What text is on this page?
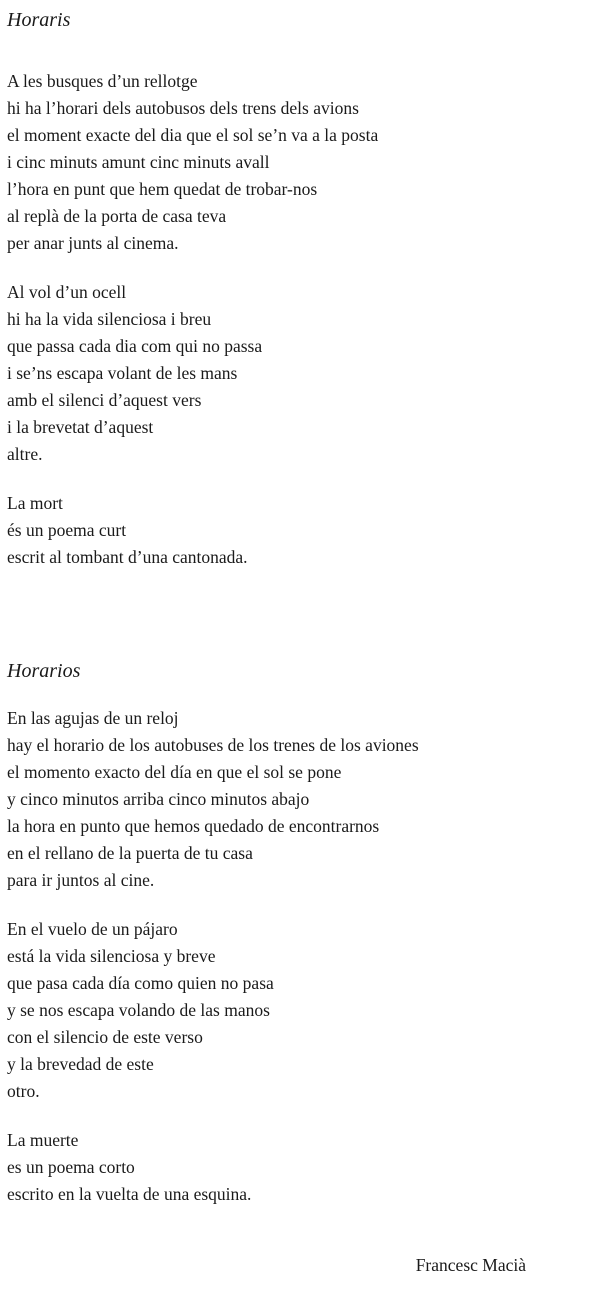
Horaris
A les busques d’un rellotge
hi ha l’horari dels autobusos dels trens dels avions
el moment exacte del dia que el sol se’n va a la posta
i cinc minuts amunt cinc minuts avall
l’hora en punt que hem quedat de trobar-nos
al replà de la porta de casa teva
per anar junts al cinema.
Al vol d’un ocell
hi ha la vida silenciosa i breu
que passa cada dia com qui no passa
i se’ns escapa volant de les mans
amb el silenci d’aquest vers
i la brevetat d’aquest
altre.
La mort
és un poema curt
escrit al tombant d’una cantonada.
Horarios
En las agujas de un reloj
hay el horario de los autobuses de los trenes de los aviones
el momento exacto del día en que el sol se pone
y cinco minutos arriba cinco minutos abajo
la hora en punto que hemos quedado de encontrarnos
en el rellano de la puerta de tu casa
para ir juntos al cine.
En el vuelo de un pájaro
está la vida silenciosa y breve
que pasa cada día como quien no pasa
y se nos escapa volando de las manos
con el silencio de este verso
y la brevedad de este
otro.
La muerte
es un poema corto
escrito en la vuelta de una esquina.
Francesc Macià
